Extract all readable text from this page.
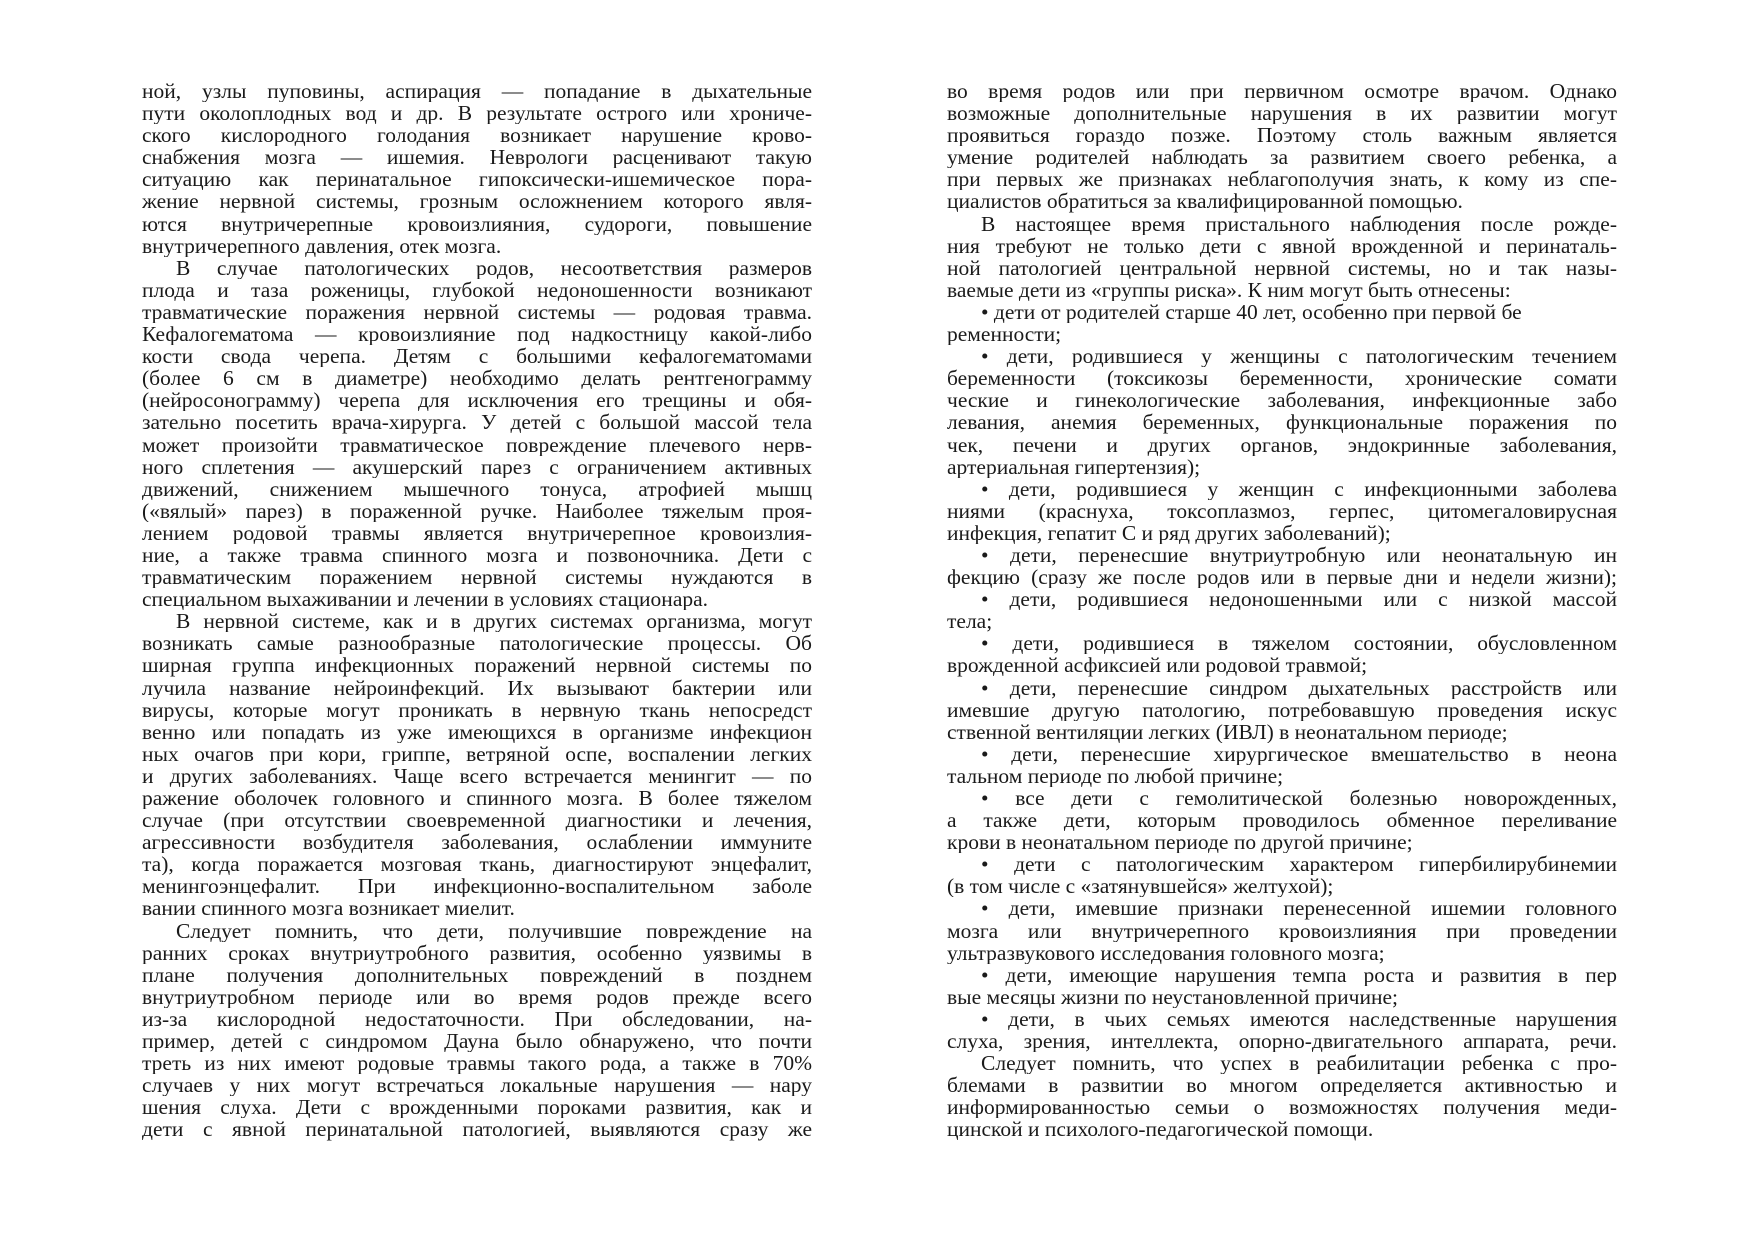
ной, узлы пуповины, аспирация — попадание в дыхательные
пути околоплодных вод и др. В результате острого или хрониче-
ского кислородного голодания возникает нарушение крово-
снабжения мозга — ишемия. Неврологи расценивают такую
ситуацию как перинатальное гипоксически-ишемическое пора-
жение нервной системы, грозным осложнением которого явля-
ются внутричерепные кровоизлияния, судороги, повышение
внутричерепного давления, отек мозга.
В случае патологических родов, несоответствия размеров
плода и таза роженицы, глубокой недоношенности возникают
травматические поражения нервной системы — родовая травма.
Кефалогематома — кровоизлияние под надкостницу какой-либо
кости свода черепа. Детям с большими кефалогематомами
(более 6 см в диаметре) необходимо делать рентгенограмму
(нейросонограмму) черепа для исключения его трещины и обя-
зательно посетить врача-хирурга. У детей с большой массой тела
может произойти травматическое повреждение плечевого нерв-
ного сплетения — акушерский парез с ограничением активных
движений, снижением мышечного тонуса, атрофией мышц
(«вялый» парез) в пораженной ручке. Наиболее тяжелым проя-
лением родовой травмы является внутричерепное кровоизлия-
ние, а также травма спинного мозга и позвоночника. Дети с
травматическим поражением нервной системы нуждаются в
специальном выхаживании и лечении в условиях стационара.
В нервной системе, как и в других системах организма, могут
возникать самые разнообразные патологические процессы. Об
ширная группа инфекционных поражений нервной системы по
лучила название нейроинфекций. Их вызывают бактерии или
вирусы, которые могут проникать в нервную ткань непосредст
венно или попадать из уже имеющихся в организме инфекцион
ных очагов при кори, гриппе, ветряной оспе, воспалении легких
и других заболеваниях. Чаще всего встречается менингит — по
ражение оболочек головного и спинного мозга. В более тяжелом
случае (при отсутствии своевременной диагностики и лечения,
агрессивности возбудителя заболевания, ослаблении иммуните
та), когда поражается мозговая ткань, диагностируют энцефалит,
менингоэнцефалит. При инфекционно-воспалительном заболе
вании спинного мозга возникает миелит.
Следует помнить, что дети, получившие повреждение на
ранних сроках внутриутробного развития, особенно уязвимы в
плане получения дополнительных повреждений в позднем
внутриутробном периоде или во время родов прежде всего
из-за кислородной недостаточности. При обследовании, на-
пример, детей с синдромом Дауна было обнаружено, что почти
треть из них имеют родовые травмы такого рода, а также в 70%
случаев у них могут встречаться локальные нарушения — нару
шения слуха. Дети с врожденными пороками развития, как и
дети с явной перинатальной патологией, выявляются сразу же
во время родов или при первичном осмотре врачом. Однако
возможные дополнительные нарушения в их развитии могут
проявиться гораздо позже. Поэтому столь важным является
умение родителей наблюдать за развитием своего ребенка, а
при первых же признаках неблагополучия знать, к кому из спе-
циалистов обратиться за квалифицированной помощью.
В настоящее время пристального наблюдения после рожде-
ния требуют не только дети с явной врожденной и перинаталь-
ной патологией центральной нервной системы, но и так назы-
ваемые дети из «группы риска». К ним могут быть отнесены:
• дети от родителей старше 40 лет, особенно при первой бе
ременности;
• дети, родившиеся у женщины с патологическим течением
беременности (токсикозы беременности, хронические сомати
ческие и гинекологические заболевания, инфекционные забо
левания, анемия беременных, функциональные поражения по
чек, печени и других органов, эндокринные заболевания,
артериальная гипертензия);
• дети, родившиеся у женщин с инфекционными заболева
ниями (краснуха, токсоплазмоз, герпес, цитомегаловирусная
инфекция, гепатит С и ряд других заболеваний);
• дети, перенесшие внутриутробную или неонатальную ин
фекцию (сразу же после родов или в первые дни и недели жизни);
• дети, родившиеся недоношенными или с низкой массой
тела;
• дети, родившиеся в тяжелом состоянии, обусловленном
врожденной асфиксией или родовой травмой;
• дети, перенесшие синдром дыхательных расстройств или
имевшие другую патологию, потребовавшую проведения искус
ственной вентиляции легких (ИВЛ) в неонатальном периоде;
• дети, перенесшие хирургическое вмешательство в неона
тальном периоде по любой причине;
• все дети с гемолитической болезнью новорожденных,
а также дети, которым проводилось обменное переливание
крови в неонатальном периоде по другой причине;
• дети с патологическим характером гипербилирубинемии
(в том числе с «затянувшейся» желтухой);
• дети, имевшие признаки перенесенной ишемии головного
мозга или внутричерепного кровоизлияния при проведении
ультразвукового исследования головного мозга;
• дети, имеющие нарушения темпа роста и развития в пер
вые месяцы жизни по неустановленной причине;
• дети, в чьих семьях имеются наследственные нарушения
слуха, зрения, интеллекта, опорно-двигательного аппарата, речи.
Следует помнить, что успех в реабилитации ребенка с про-
блемами в развитии во многом определяется активностью и
информированностью семьи о возможностях получения меди-
цинской и психолого-педагогической помощи.
